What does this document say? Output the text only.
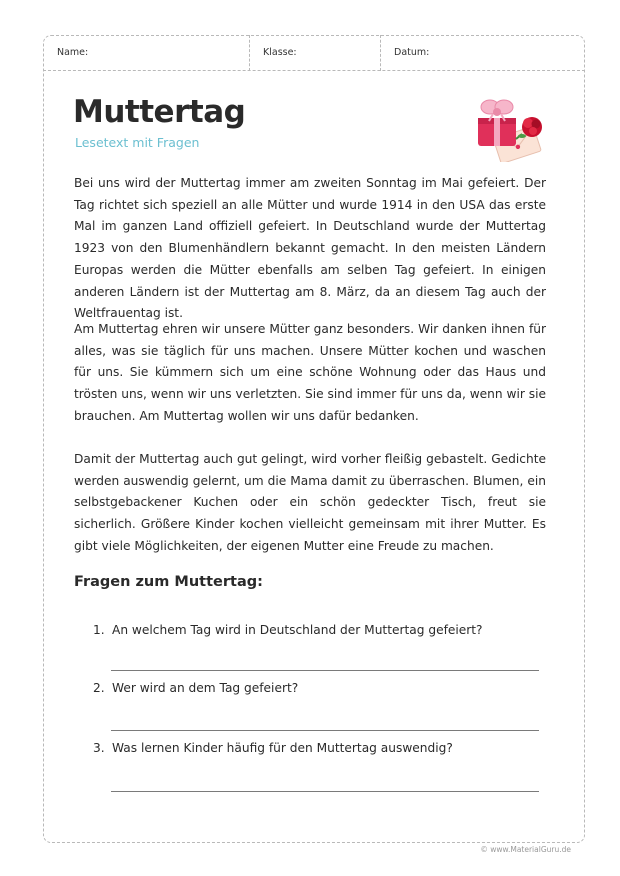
Name:	Klasse:	Datum:
Muttertag
Lesetext mit Fragen
Bei uns wird der Muttertag immer am zweiten Sonntag im Mai gefeiert. Der Tag richtet sich speziell an alle Mütter und wurde 1914 in den USA das erste Mal im ganzen Land offiziell gefeiert. In Deutschland wurde der Muttertag 1923 von den Blumenhändlern bekannt gemacht. In den meisten Ländern Europas werden die Mütter ebenfalls am selben Tag gefeiert. In einigen anderen Ländern ist der Muttertag am 8. März, da an diesem Tag auch der Weltfrauentag ist.
Am Muttertag ehren wir unsere Mütter ganz besonders. Wir danken ihnen für alles, was sie täglich für uns machen. Unsere Mütter kochen und waschen für uns. Sie kümmern sich um eine schöne Wohnung oder das Haus und trösten uns, wenn wir uns verletzten. Sie sind immer für uns da, wenn wir sie brauchen. Am Muttertag wollen wir uns dafür bedanken.
Damit der Muttertag auch gut gelingt, wird vorher fleißig gebastelt. Gedichte werden auswendig gelernt, um die Mama damit zu überraschen. Blumen, ein selbstgebackener Kuchen oder ein schön gedeckter Tisch, freut sie sicherlich. Größere Kinder kochen vielleicht gemeinsam mit ihrer Mutter. Es gibt viele Möglichkeiten, der eigenen Mutter eine Freude zu machen.
Fragen zum Muttertag:
1. An welchem Tag wird in Deutschland der Muttertag gefeiert?
2. Wer wird an dem Tag gefeiert?
3. Was lernen Kinder häufig für den Muttertag auswendig?
© www.MaterialGuru.de
